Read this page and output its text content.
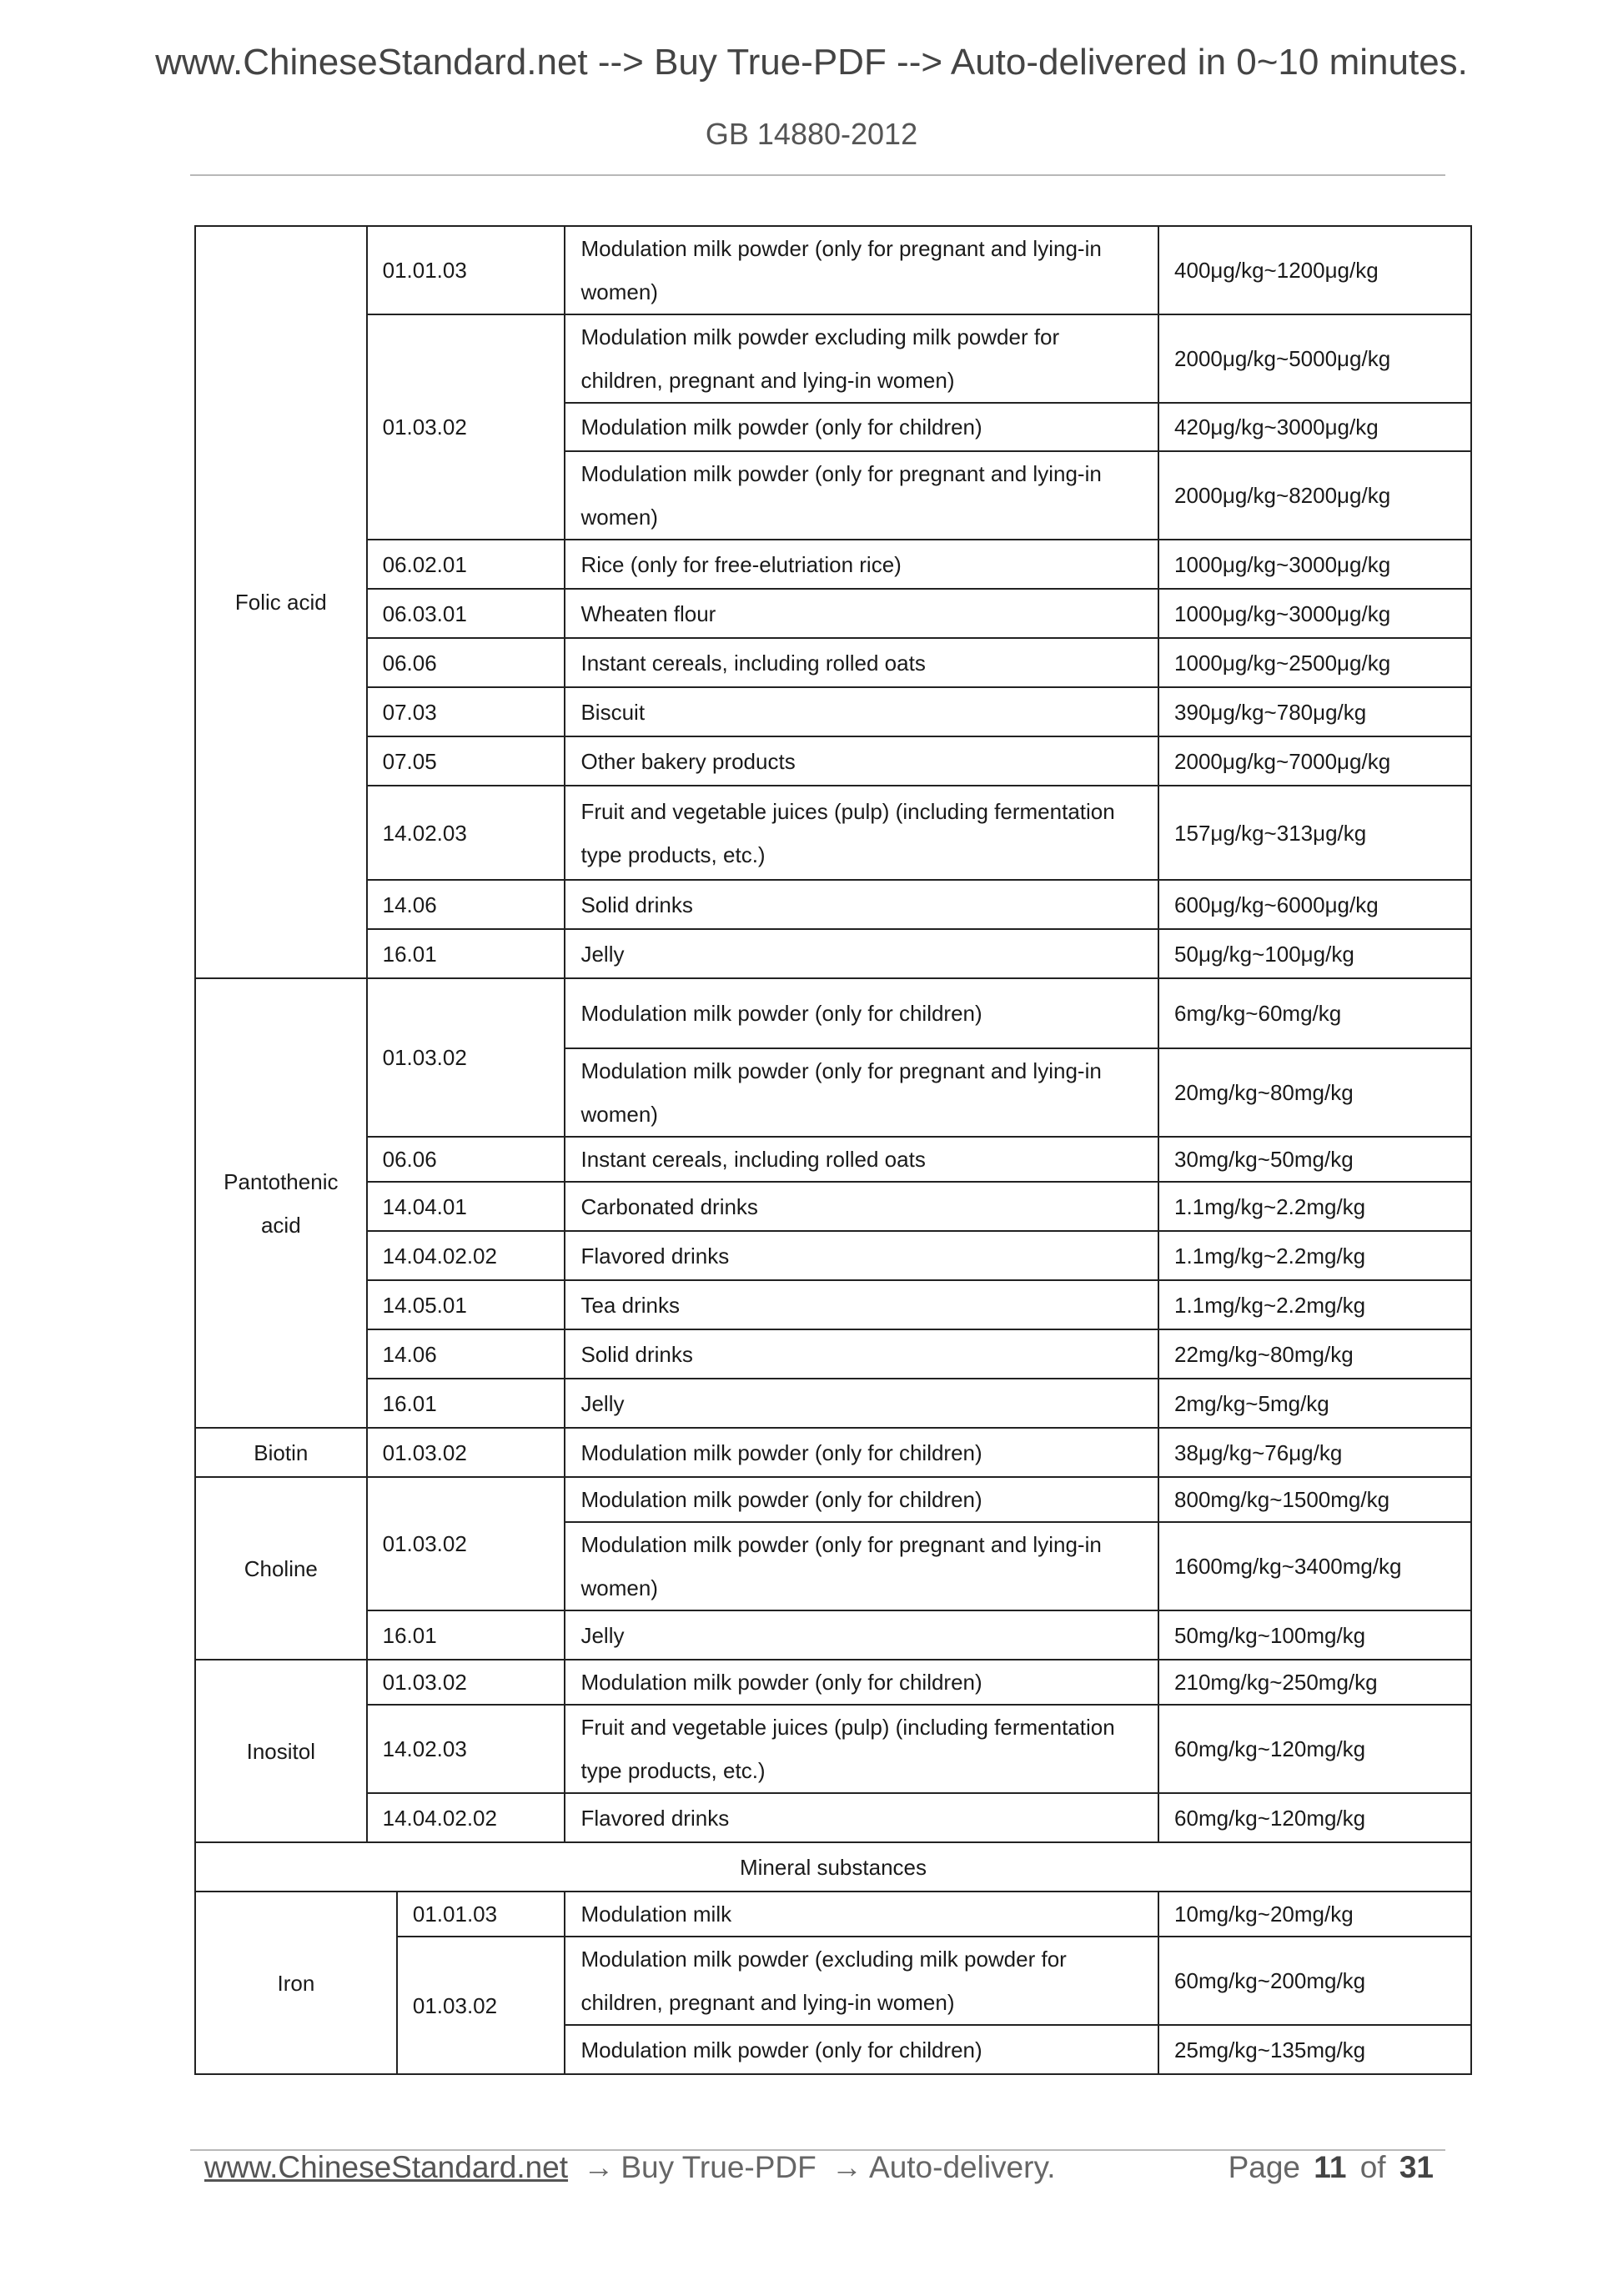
www.ChineseStandard.net --> Buy True-PDF --> Auto-delivered in 0~10 minutes.
GB 14880-2012
Folic acid	01.01.03		Modulation milk powder (only for pregnant and lying-in women)	400μg/kg~1200μg/kg
	01.03.02		Modulation milk powder excluding milk powder for children, pregnant and lying-in women)	2000μg/kg~5000μg/kg
			Modulation milk powder (only for children)	420μg/kg~3000μg/kg
			Modulation milk powder (only for pregnant and lying-in women)	2000μg/kg~8200μg/kg
	06.02.01		Rice (only for free-elutriation rice)	1000μg/kg~3000μg/kg
	06.03.01		Wheaten flour	1000μg/kg~3000μg/kg
	06.06		Instant cereals, including rolled oats	1000μg/kg~2500μg/kg
	07.03		Biscuit	390μg/kg~780μg/kg
	07.05		Other bakery products	2000μg/kg~7000μg/kg
	14.02.03		Fruit and vegetable juices (pulp) (including fermentation type products, etc.)	157μg/kg~313μg/kg
	14.06		Solid drinks	600μg/kg~6000μg/kg
	16.01		Jelly	50μg/kg~100μg/kg

Pantothenic acid	01.03.02		Modulation milk powder (only for children)	6mg/kg~60mg/kg
			Modulation milk powder (only for pregnant and lying-in women)	20mg/kg~80mg/kg
	06.06		Instant cereals, including rolled oats	30mg/kg~50mg/kg
	14.04.01		Carbonated drinks	1.1mg/kg~2.2mg/kg
	14.04.02.02		Flavored drinks	1.1mg/kg~2.2mg/kg
	14.05.01		Tea drinks	1.1mg/kg~2.2mg/kg
	14.06		Solid drinks	22mg/kg~80mg/kg
	16.01		Jelly	2mg/kg~5mg/kg

Biotin	01.03.02		Modulation milk powder (only for children)	38μg/kg~76μg/kg
Choline	01.03.02		Modulation milk powder (only for children)	800mg/kg~1500mg/kg
			Modulation milk powder (only for pregnant and lying-in women)	1600mg/kg~3400mg/kg
	16.01		Jelly	50mg/kg~100mg/kg
Inositol	01.03.02		Modulation milk powder (only for children)	210mg/kg~250mg/kg
	14.02.03		Fruit and vegetable juices (pulp) (including fermentation type products, etc.)	60mg/kg~120mg/kg
	14.04.02.02		Flavored drinks	60mg/kg~120mg/kg
Mineral substances				
Iron		01.01.03	Modulation milk	10mg/kg~20mg/kg
		01.03.02	Modulation milk powder (excluding milk powder for children, pregnant and lying-in women)	60mg/kg~200mg/kg
			Modulation milk powder (only for children)	25mg/kg~135mg/kg
www.ChineseStandard.net → Buy True-PDF → Auto-delivery.	Page 11 of 31
